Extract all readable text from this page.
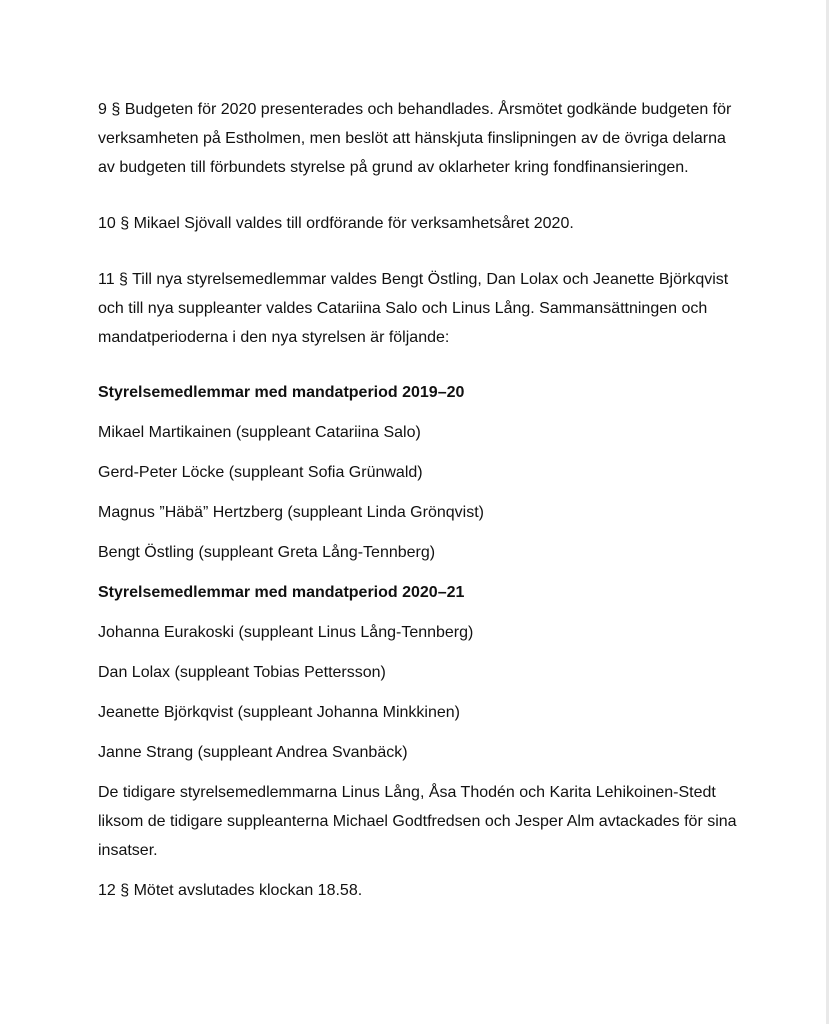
9 § Budgeten för 2020 presenterades och behandlades. Årsmötet godkände budgeten för verksamheten på Estholmen, men beslöt att hänskjuta finslipningen av de övriga delarna av budgeten till förbundets styrelse på grund av oklarheter kring fondfinansieringen.

10 § Mikael Sjövall valdes till ordförande för verksamhetsåret 2020.

11 § Till nya styrelsemedlemmar valdes Bengt Östling, Dan Lolax och Jeanette Björkqvist och till nya suppleanter valdes Catariina Salo och Linus Lång. Sammansättningen och mandatperioderna i den nya styrelsen är följande:

Styrelsemedlemmar med mandatperiod 2019–20

Mikael Martikainen (suppleant Catariina Salo)

Gerd-Peter Löcke (suppleant Sofia Grünwald)

Magnus ”Häbä” Hertzberg (suppleant Linda Grönqvist)

Bengt Östling (suppleant Greta Lång-Tennberg)

Styrelsemedlemmar med mandatperiod 2020–21

Johanna Eurakoski (suppleant Linus Lång-Tennberg)

Dan Lolax (suppleant Tobias Pettersson)

Jeanette Björkqvist (suppleant Johanna Minkkinen)

Janne Strang (suppleant Andrea Svanbäck)

De tidigare styrelsemedlemmarna Linus Lång, Åsa Thodén och Karita Lehikoinen-Stedt liksom de tidigare suppleanterna Michael Godtfredsen och Jesper Alm avtackades för sina insatser.

12 § Mötet avslutades klockan 18.58.
